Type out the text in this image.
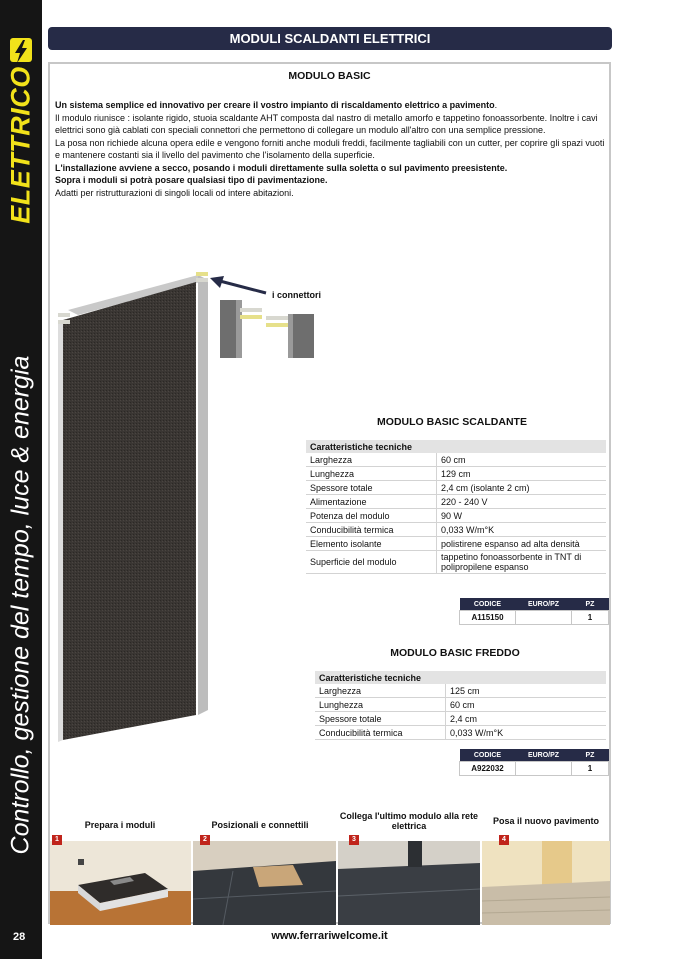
ELETTRICO
Controllo, gestione del tempo, luce & energia
28
MODULI SCALDANTI ELETTRICI
MODULO BASIC

Un sistema semplice ed innovativo per creare il vostro impianto di riscaldamento elettrico a pavimento.

Il modulo riunisce : isolante rigido, stuoia scaldante AHT composta dal nastro di metallo amorfo e tappetino fonoassorbente. Inoltre i cavi elettrici sono già cablati con speciali connettori che permettono di collegare un modulo all'altro con una semplice pressione.

La posa non richiede alcuna opera edile e vengono forniti anche moduli freddi, facilmente tagliabili con un cutter, per coprire gli spazi vuoti e mantenere costanti sia il livello del pavimento che l'isolamento della superficie.

L'installazione avviene a secco, posando i moduli direttamente sulla soletta o sul pavimento preesistente.

Sopra i moduli si potrà posare qualsiasi tipo di pavimentazione.

Adatti per ristrutturazioni di singoli locali od intere abitazioni.

i connettori
MODULO BASIC SCALDANTE
Caratteristiche tecniche	
Larghezza	60 cm
Lunghezza	129 cm
Spessore totale	2,4 cm (isolante 2 cm)
Alimentazione	220 - 240 V
Potenza del modulo	90 W
Conducibilità termica	0,033 W/m°K
Elemento isolante	polistirene espanso ad alta densità
Superficie del modulo	tappetino fonoassorbente in TNT di polipropilene espanso
CODICE	EURO/PZ	PZ
A115150		1
MODULO BASIC FREDDO
Caratteristiche tecniche	
Larghezza	125 cm
Lunghezza	60 cm
Spessore totale	2,4 cm
Conducibilità termica	0,033 W/m°K
CODICE	EURO/PZ	PZ
A922032		1
Prepara i moduli	Posizionali e connettili
Collega l'ultimo modulo alla rete elettrica	Posa il nuovo pavimento
1	2	3	4
www.ferrariwelcome.it
